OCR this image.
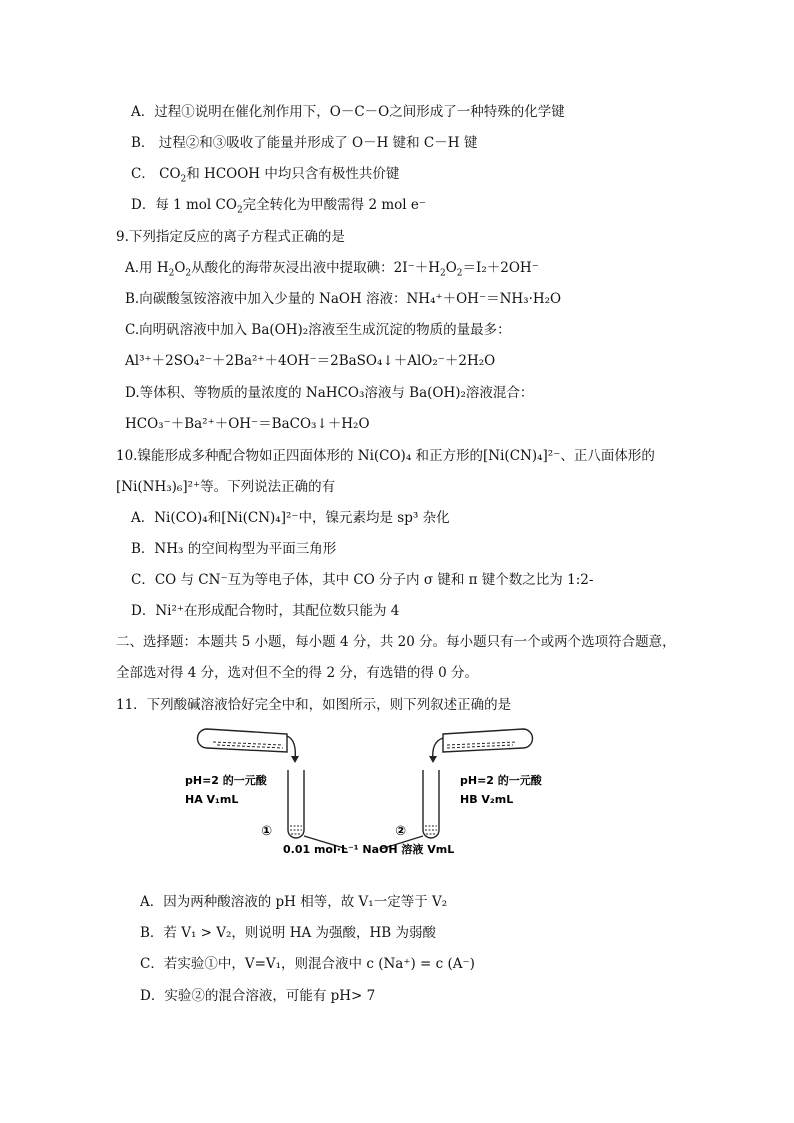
A．过程①说明在催化剂作用下，O－C－O之间形成了一种特殊的化学键
B． 过程②和③吸收了能量并形成了 O－H 键和 C－H 键
C． $CO_2$和 HCOOH 中均只含有极性共价键
D．每 1 mol $CO_2$完全转化为甲酸需得 2 mol e⁻
9.下列指定反应的离子方程式正确的是
A.用 $H_2O_2$从酸化的海带灰浸出液中提取碘：$2I^-+H_2O_2=I_2+2OH^-$
B.向碳酸氢铵溶液中加入少量的 NaOH 溶液：NH₄⁺＋OH⁻＝NH₃·H₂O
C.向明矾溶液中加入 Ba(OH)₂溶液至生成沉淀的物质的量最多：
Al³⁺＋2SO₄²⁻＋2Ba²⁺＋4OH⁻＝2BaSO₄↓＋AlO₂⁻＋2H₂O
D.等体积、等物质的量浓度的 NaHCO₃溶液与 Ba(OH)₂溶液混合：
HCO₃⁻＋Ba²⁺＋OH⁻＝BaCO₃↓＋H₂O
10.镍能形成多种配合物如正四面体形的 Ni(CO)₄ 和正方形的[Ni(CN)₄]²⁻、正八面体形的
[Ni(NH₃)₆]²⁺等。下列说法正确的有
A．Ni(CO)₄和[Ni(CN)₄]²⁻中，镍元素均是 sp³ 杂化
B．NH₃ 的空间构型为平面三角形
C．CO 与 CN⁻互为等电子体，其中 CO 分子内 σ 键和 π 键个数之比为 1:2-
D．Ni²⁺在形成配合物时，其配位数只能为 4
二、选择题：本题共 5 小题，每小题 4 分，共 20 分。每小题只有一个或两个选项符合题意，
全部选对得 4 分，选对但不全的得 2 分，有选错的得 0 分。
11．下列酸碱溶液恰好完全中和，如图所示，则下列叙述正确的是
pH=2 的一元酸
HA V₁mL
pH=2 的一元酸
HB V₂mL
①	②
0.01 mol·L⁻¹ NaOH 溶液 VmL
A．因为两种酸溶液的 pH 相等，故 V₁一定等于 V₂
B．若 V₁ > V₂，则说明 HA 为强酸，HB 为弱酸
C．若实验①中，V=V₁，则混合液中 c (Na⁺) = c (A⁻)
D．实验②的混合溶液，可能有 pH> 7
